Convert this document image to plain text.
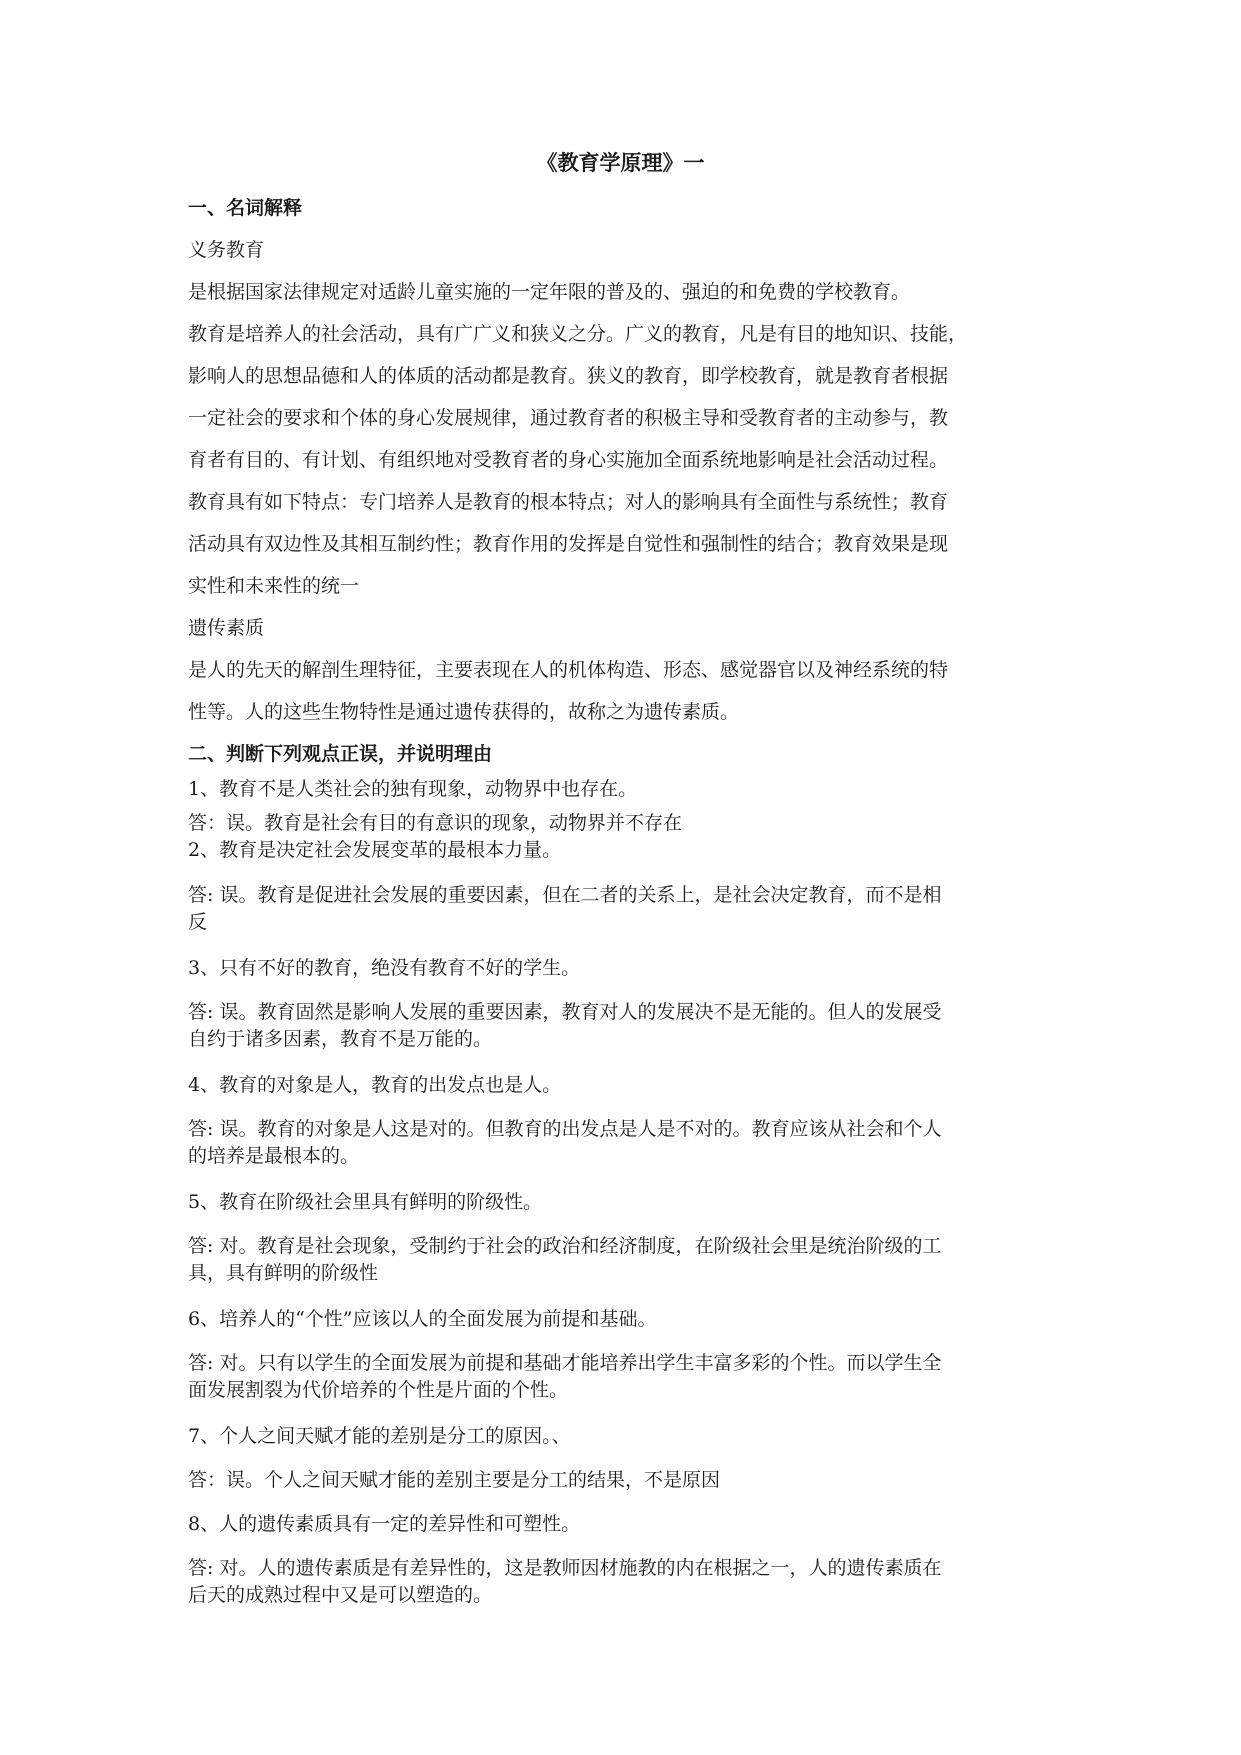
《教育学原理》一
一、名词解释
义务教育
是根据国家法律规定对适龄儿童实施的一定年限的普及的、强迫的和免费的学校教育。
教育是培养人的社会活动，具有广广义和狭义之分。广义的教育，凡是有目的地知识、技能，
影响人的思想品德和人的体质的活动都是教育。狭义的教育，即学校教育，就是教育者根据
一定社会的要求和个体的身心发展规律，通过教育者的积极主导和受教育者的主动参与，教
育者有目的、有计划、有组织地对受教育者的身心实施加全面系统地影响是社会活动过程。
教育具有如下特点：专门培养人是教育的根本特点；对人的影响具有全面性与系统性；教育
活动具有双边性及其相互制约性；教育作用的发挥是自觉性和强制性的结合；教育效果是现
实性和未来性的统一
遗传素质
是人的先天的解剖生理特征，主要表现在人的机体构造、形态、感觉器官以及神经系统的特
性等。人的这些生物特性是通过遗传获得的，故称之为遗传素质。
二、判断下列观点正误，并说明理由
1、教育不是人类社会的独有现象，动物界中也存在。
答：误。教育是社会有目的有意识的现象，动物界并不存在
2、教育是决定社会发展变革的最根本力量。
答: 误。教育是促进社会发展的重要因素，但在二者的关系上，是社会决定教育，而不是相
反
3、只有不好的教育，绝没有教育不好的学生。
答: 误。教育固然是影响人发展的重要因素，教育对人的发展决不是无能的。但人的发展受
自约于诸多因素，教育不是万能的。
4、教育的对象是人，教育的出发点也是人。
答: 误。教育的对象是人这是对的。但教育的出发点是人是不对的。教育应该从社会和个人
的培养是最根本的。
5、教育在阶级社会里具有鲜明的阶级性。
答: 对。教育是社会现象，受制约于社会的政治和经济制度，在阶级社会里是统治阶级的工
具，具有鲜明的阶级性
6、培养人的“个性”应该以人的全面发展为前提和基础。
答: 对。只有以学生的全面发展为前提和基础才能培养出学生丰富多彩的个性。而以学生全
面发展割裂为代价培养的个性是片面的个性。
7、个人之间天赋才能的差别是分工的原因。、
答：误。个人之间天赋才能的差别主要是分工的结果，不是原因
8、人的遗传素质具有一定的差异性和可塑性。
答: 对。人的遗传素质是有差异性的，这是教师因材施教的内在根据之一，人的遗传素质在
后天的成熟过程中又是可以塑造的。
